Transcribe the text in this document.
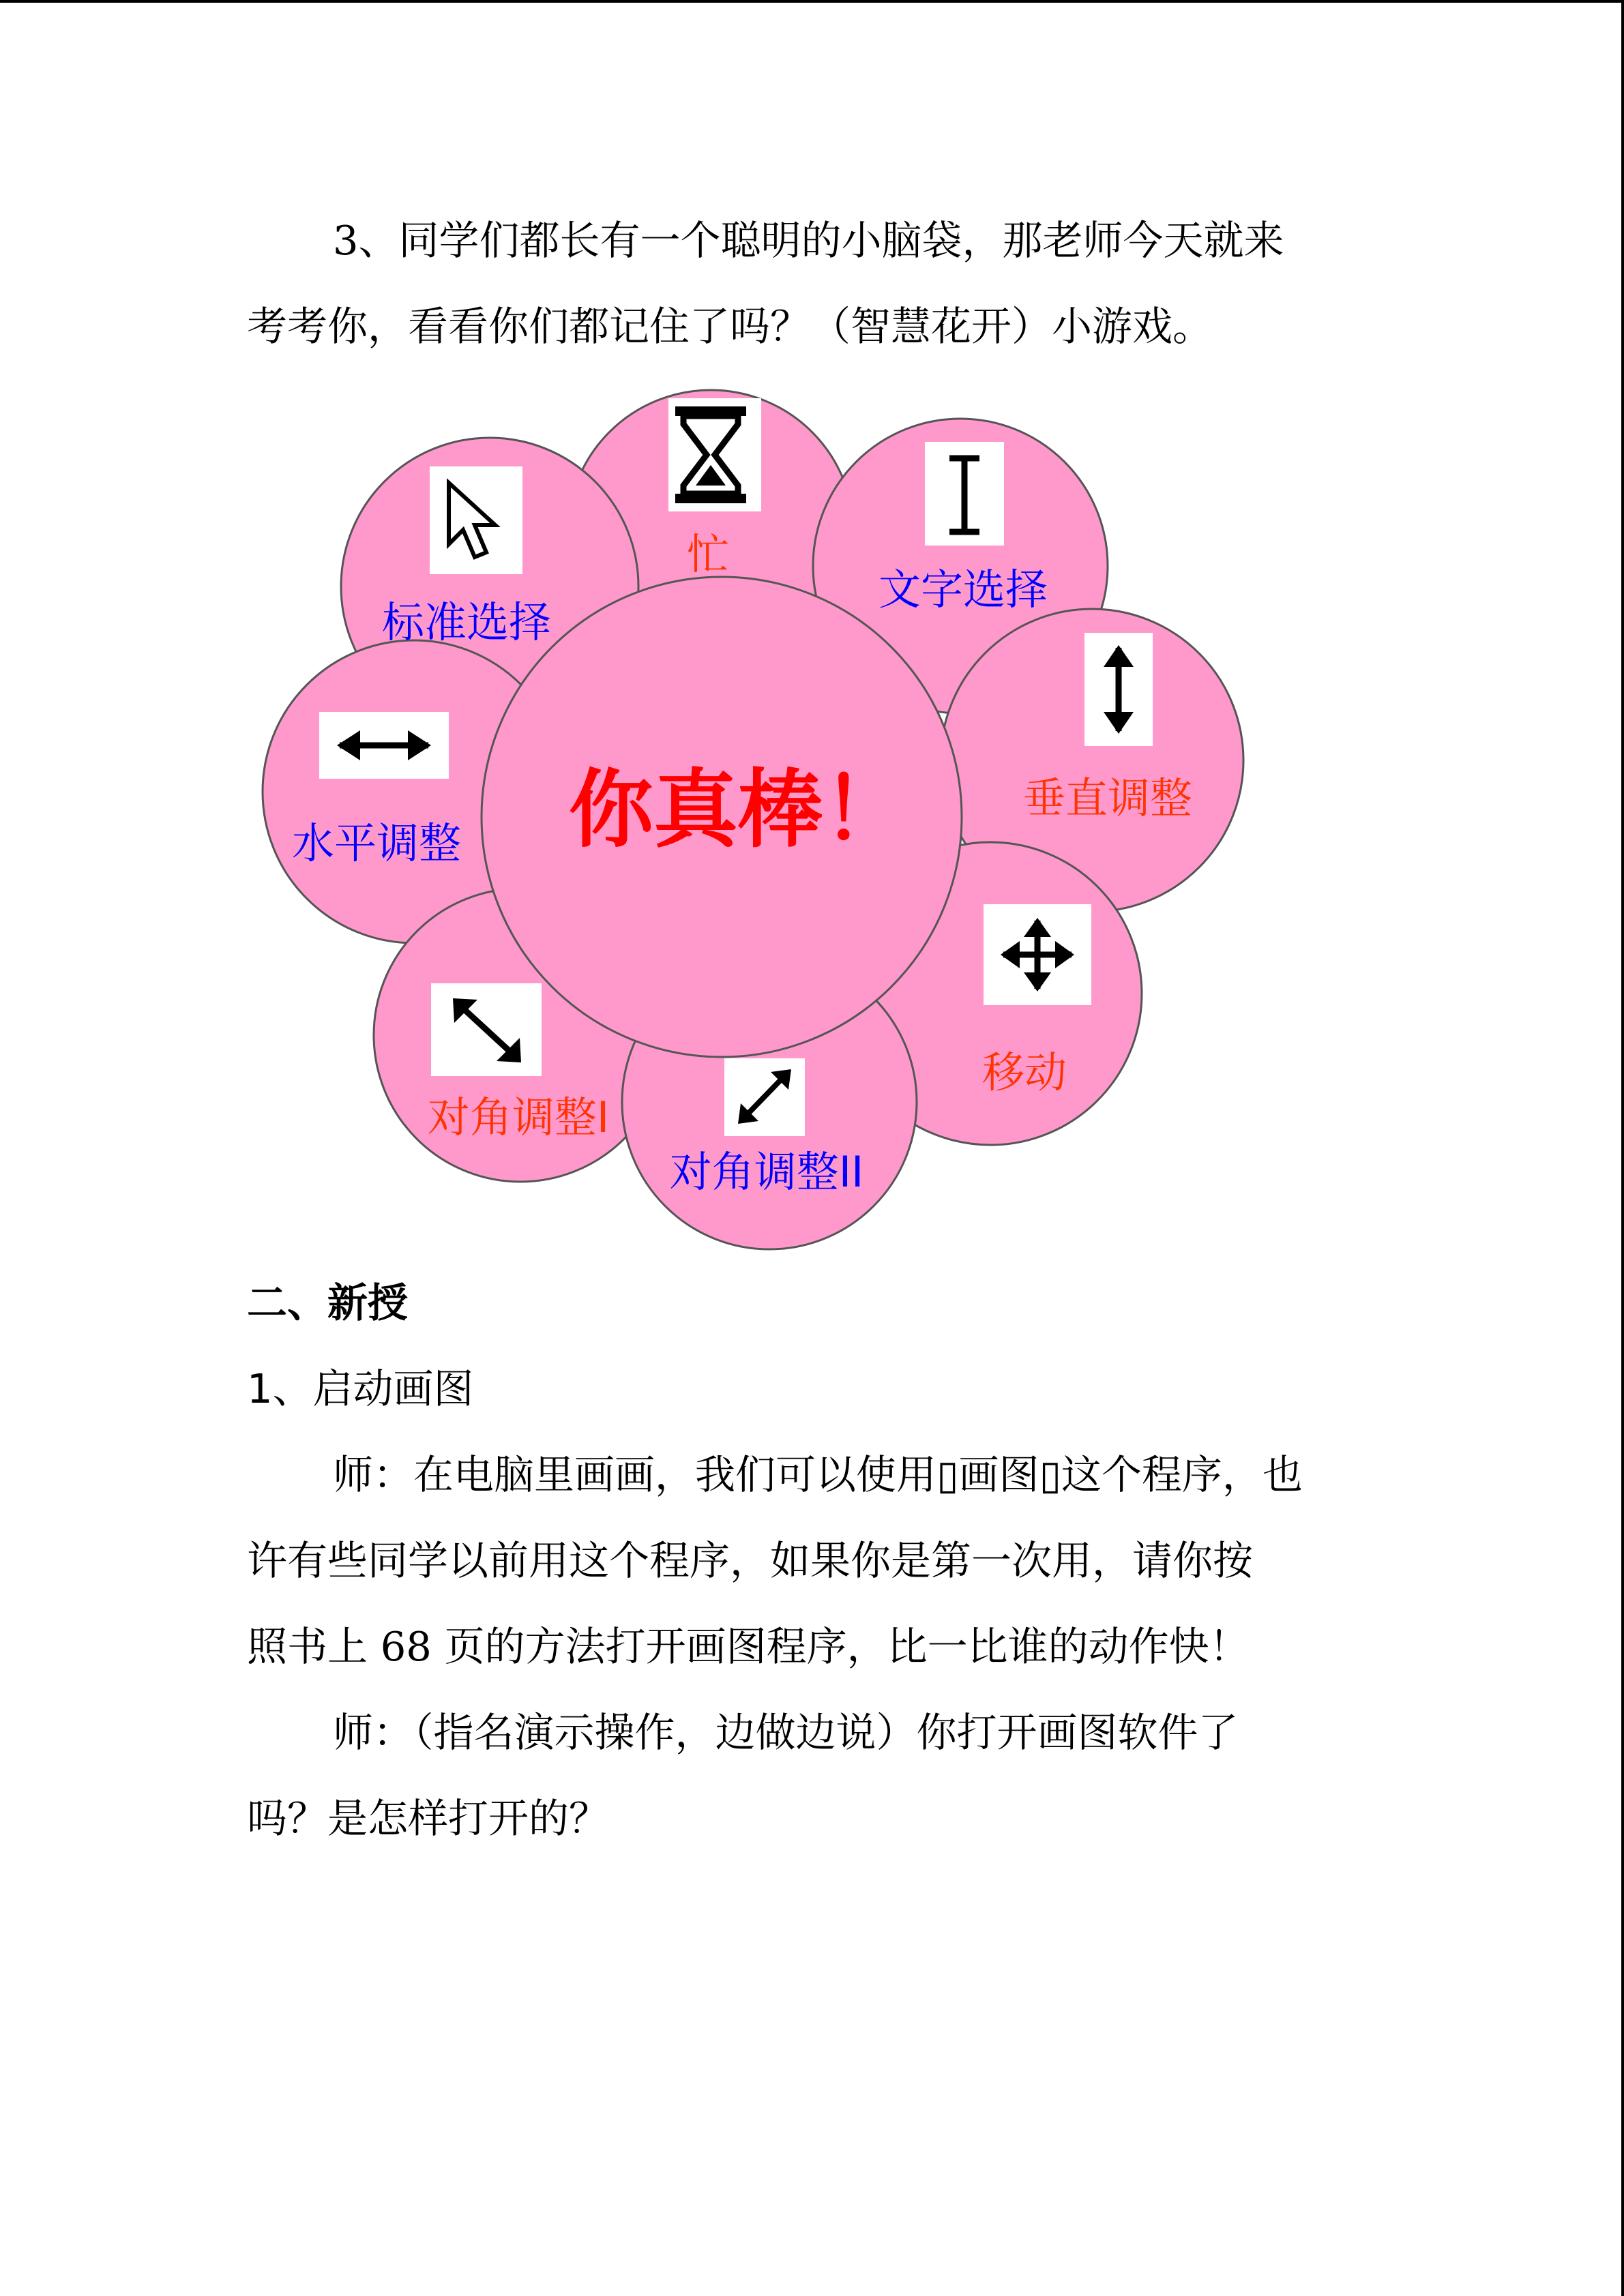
3、同学们都长有一个聪明的小脑袋，那老师今天就来

考考你，看看你们都记住了吗？（智慧花开）小游戏。

忙
标准选择
文字选择
垂直调整
水平调整
移动
对角调整I
对角调整II
你真棒！

二、新授

1、启动画图

师：在电脑里画画，我们可以使用▯画图▯这个程序，也

许有些同学以前用这个程序，如果你是第一次用，请你按

照书上 68 页的方法打开画图程序，比一比谁的动作快！

师：（指名演示操作，边做边说）你打开画图软件了

吗？是怎样打开的？
